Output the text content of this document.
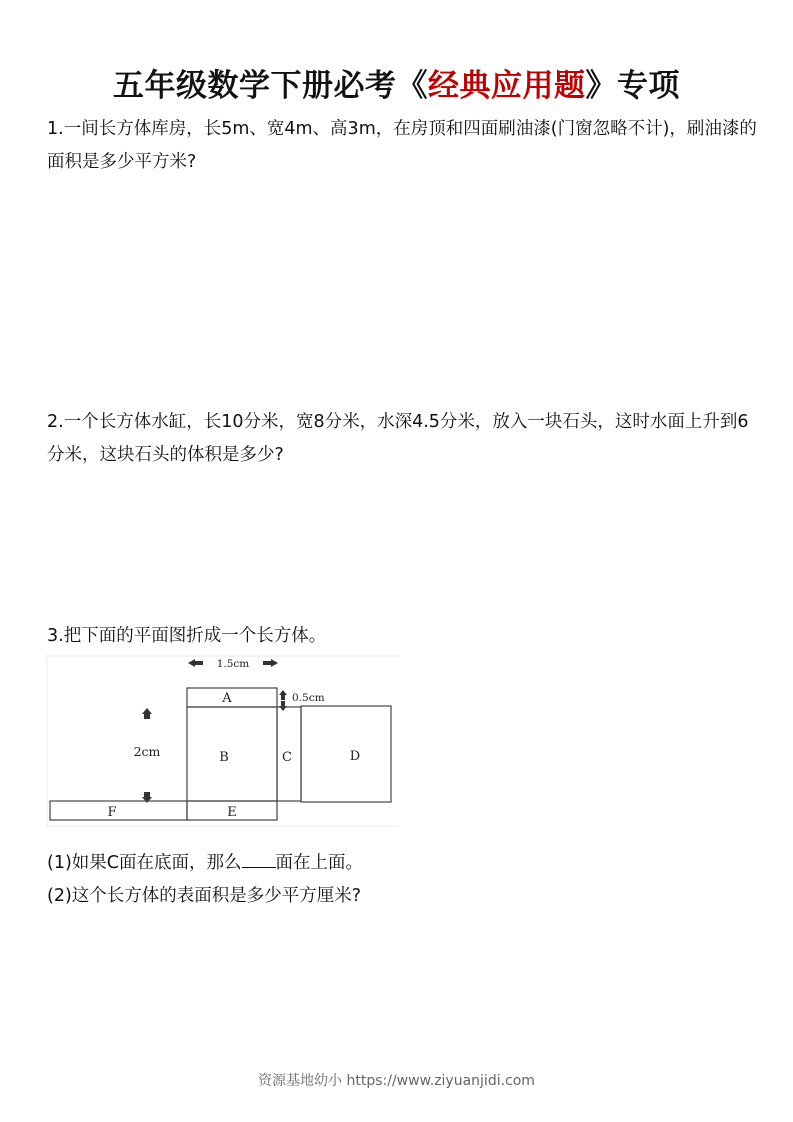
五年级数学下册必考《经典应用题》专项
1.一间长方体库房，长5m、宽4m、高3m，在房顶和四面刷油漆(门窗忽略不计)，刷油漆的面积是多少平方米?
2.一个长方体水缸，长10分米，宽8分米，水深4.5分米，放入一块石头，这时水面上升到6分米，这块石头的体积是多少?
3.把下面的平面图折成一个长方体。
1.5cm
0.5cm
2cm
A
B	C	D
E
F
(1)如果C面在底面，那么 面在上面。
(2)这个长方体的表面积是多少平方厘米?
资源基地幼小 https://www.ziyuanjidi.com
